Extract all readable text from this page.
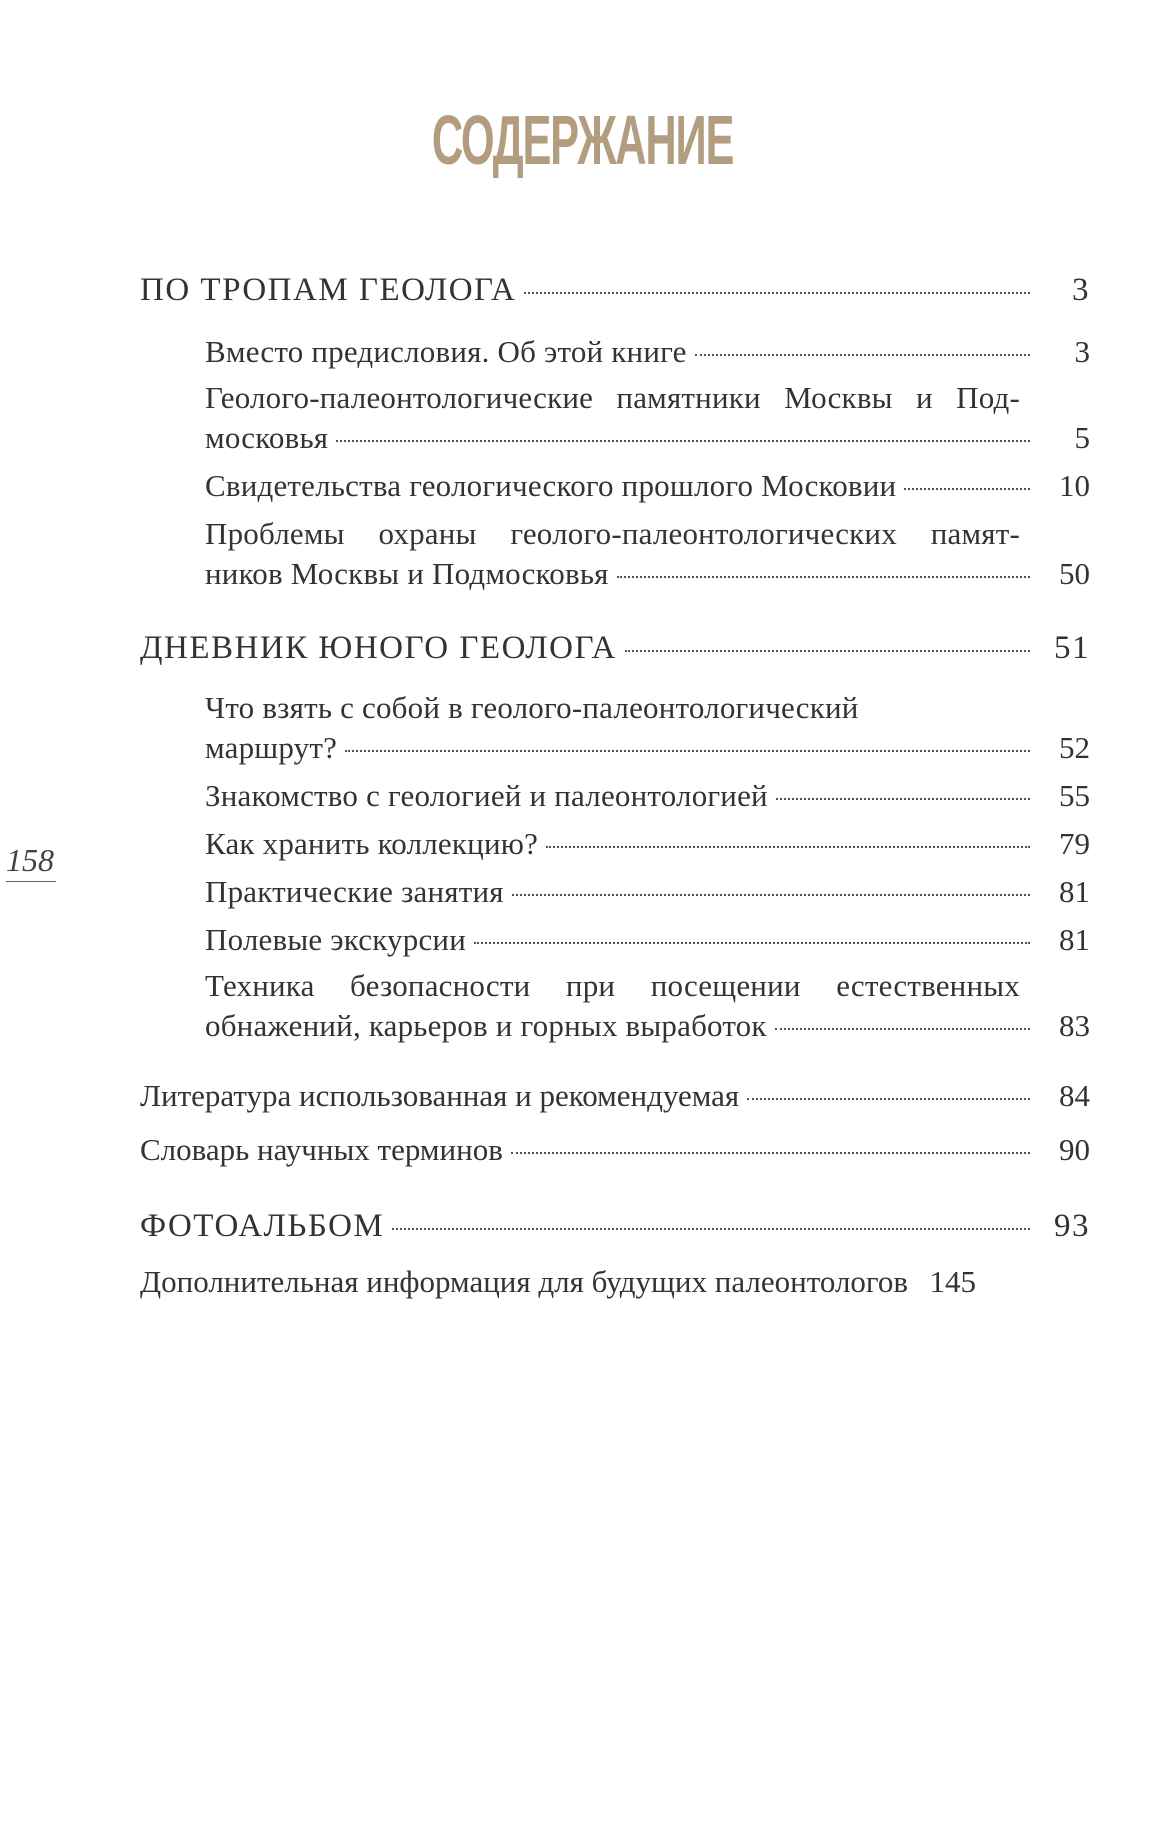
СОДЕРЖАНИЕ
158
ПО ТРОПАМ ГЕОЛОГА	3
Вместо предисловия. Об этой книге	3
Геолого-палеонтологические памятники Москвы и Под-
московья	5
Свидетельства геологического прошлого Московии	10
Проблемы охраны геолого-палеонтологических памят-
ников Москвы и Подмосковья	50
ДНЕВНИК ЮНОГО ГЕОЛОГА	51
Что взять с собой в геолого-палеонтологический
маршрут?	52
Знакомство с геологией и палеонтологией	55
Как хранить коллекцию?	79
Практические занятия	81
Полевые экскурсии	81
Техника безопасности при посещении естественных
обнажений, карьеров и горных выработок	83
Литература использованная и рекомендуемая	84
Словарь научных терминов	90
ФОТОАЛЬБОМ	93
Дополнительная информация для будущих палеонтологов 145
